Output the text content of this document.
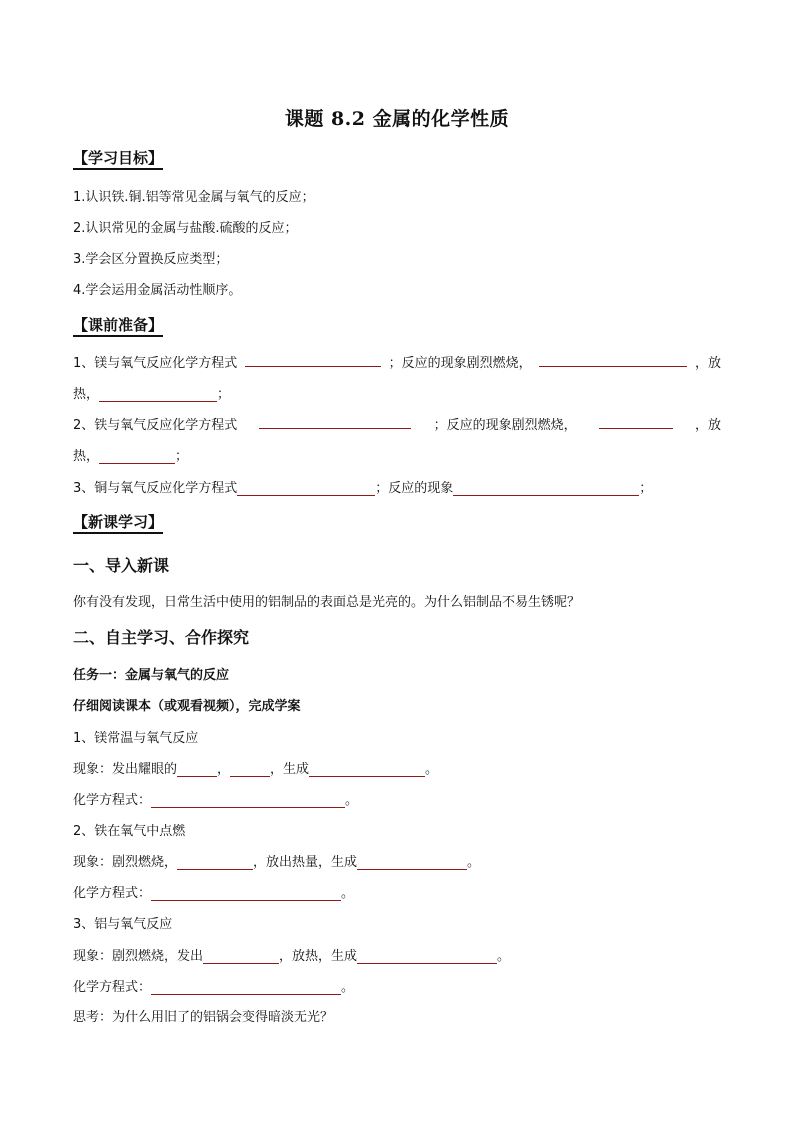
课题 8.2 金属的化学性质
【学习目标】
1.认识铁.铜.铝等常见金属与氧气的反应；
2.认识常见的金属与盐酸.硫酸的反应；
3.学会区分置换反应类型；
4.学会运用金属活动性顺序。
【课前准备】
1、镁与氧气反应化学方程式	；反应的现象剧烈燃烧，	，放
热，	；
2、铁与氧气反应化学方程式	；反应的现象剧烈燃烧，	，放
热，	；
3、铜与氧气反应化学方程式	；反应的现象	；
【新课学习】
一、导入新课
你有没有发现，日常生活中使用的铝制品的表面总是光亮的。为什么铝制品不易生锈呢？
二、自主学习、合作探究
任务一：金属与氧气的反应
仔细阅读课本（或观看视频），完成学案
1、镁常温与氧气反应
现象：发出耀眼的	，	，生成	。
化学方程式：	。
2、铁在氧气中点燃
现象：剧烈燃烧，	，放出热量，生成	。
化学方程式：	。
3、铝与氧气反应
现象：剧烈燃烧，发出	，放热，生成	。
化学方程式：	。
思考：为什么用旧了的铝锅会变得暗淡无光？
